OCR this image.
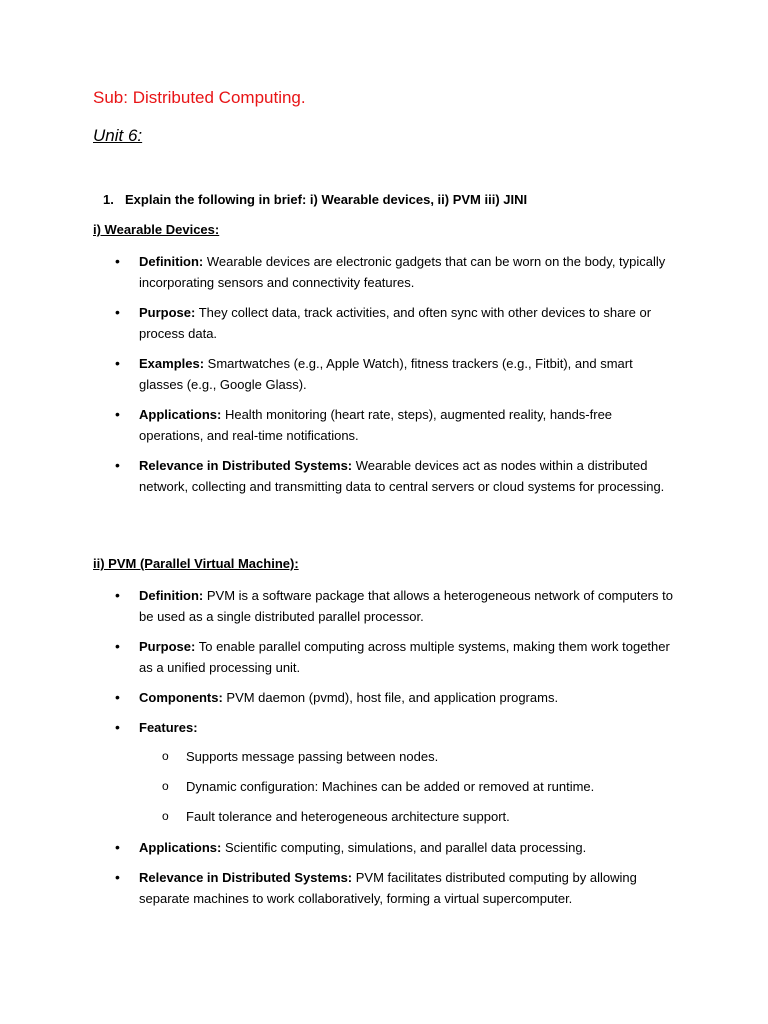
Sub: Distributed Computing.
Unit 6:
1. Explain the following in brief: i) Wearable devices, ii) PVM iii) JINI
i) Wearable Devices:
• Definition: Wearable devices are electronic gadgets that can be worn on the body, typically incorporating sensors and connectivity features.
• Purpose: They collect data, track activities, and often sync with other devices to share or process data.
• Examples: Smartwatches (e.g., Apple Watch), fitness trackers (e.g., Fitbit), and smart glasses (e.g., Google Glass).
• Applications: Health monitoring (heart rate, steps), augmented reality, hands-free operations, and real-time notifications.
• Relevance in Distributed Systems: Wearable devices act as nodes within a distributed network, collecting and transmitting data to central servers or cloud systems for processing.
ii) PVM (Parallel Virtual Machine):
• Definition: PVM is a software package that allows a heterogeneous network of computers to be used as a single distributed parallel processor.
• Purpose: To enable parallel computing across multiple systems, making them work together as a unified processing unit.
• Components: PVM daemon (pvmd), host file, and application programs.
• Features:
o Supports message passing between nodes.
o Dynamic configuration: Machines can be added or removed at runtime.
o Fault tolerance and heterogeneous architecture support.
• Applications: Scientific computing, simulations, and parallel data processing.
• Relevance in Distributed Systems: PVM facilitates distributed computing by allowing separate machines to work collaboratively, forming a virtual supercomputer.
